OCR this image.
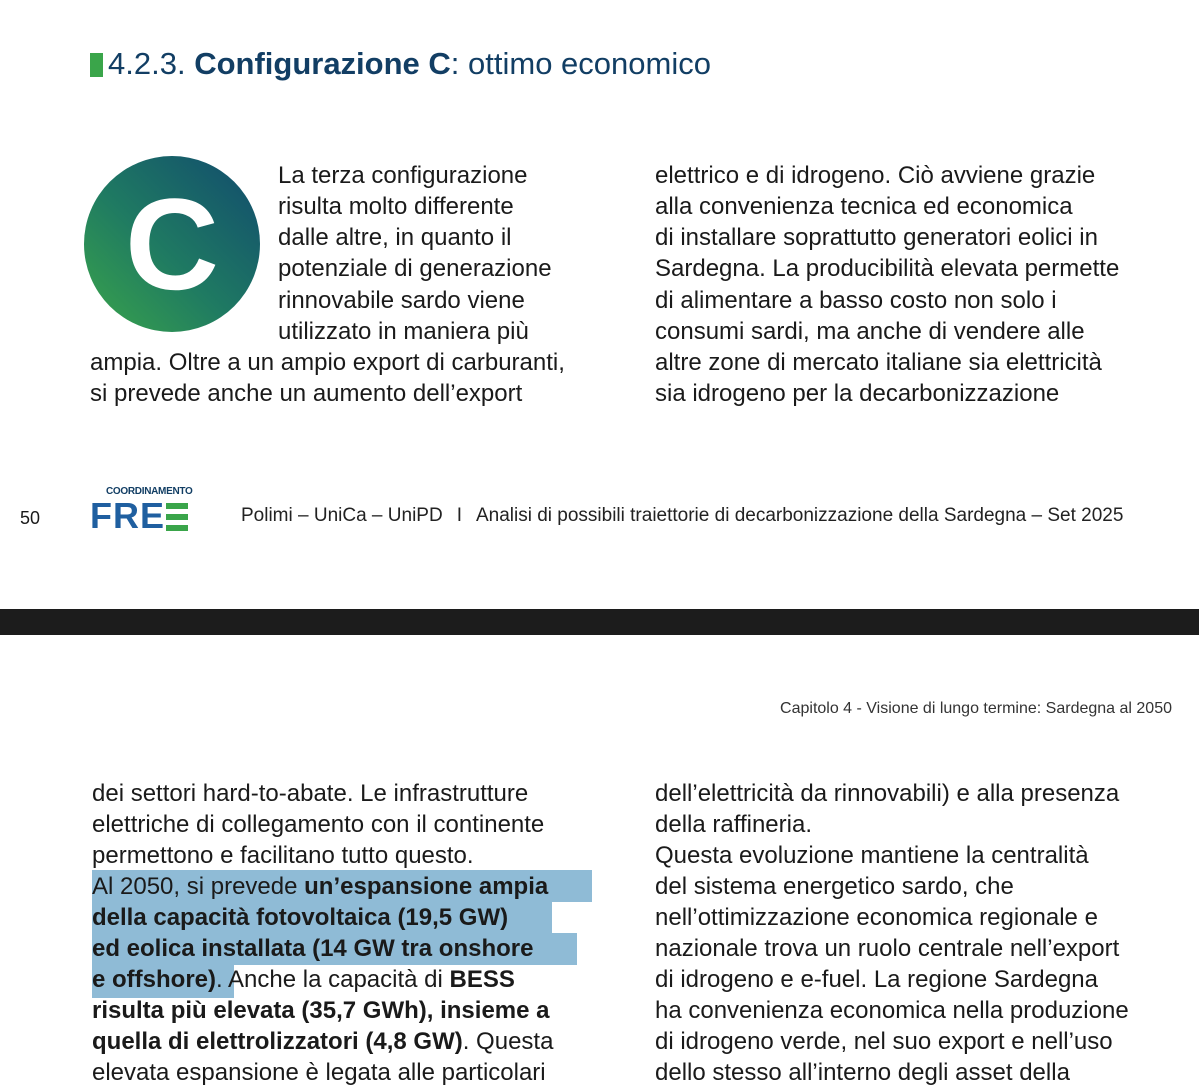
4.2.3. Configurazione C: ottimo economico
C	La terza configurazione
risulta molto differente
dalle altre, in quanto il
potenziale di generazione
rinnovabile sardo viene
utilizzato in maniera più
ampia. Oltre a un ampio export di carburanti,
si prevede anche un aumento dell’export
elettrico e di idrogeno. Ciò avviene grazie
alla convenienza tecnica ed economica
di installare soprattutto generatori eolici in
Sardegna. La producibilità elevata permette
di alimentare a basso costo non solo i
consumi sardi, ma anche di vendere alle
altre zone di mercato italiane sia elettricità
sia idrogeno per la decarbonizzazione
50
COORDINAMENTO
FRE	Polimi – UniCa – UniPD I Analisi di possibili traiettorie di decarbonizzazione della Sardegna – Set 2025
Capitolo 4 - Visione di lungo termine: Sardegna al 2050
dei settori hard-to-abate. Le infrastrutture
elettriche di collegamento con il continente
permettono e facilitano tutto questo.
Al 2050, si prevede un’espansione ampia
della capacità fotovoltaica (19,5 GW)
ed eolica installata (14 GW tra onshore
e offshore). Anche la capacità di BESS
risulta più elevata (35,7 GWh), insieme a
quella di elettrolizzatori (4,8 GW). Questa
elevata espansione è legata alle particolari
dell’elettricità da rinnovabili) e alla presenza
della raffineria.
Questa evoluzione mantiene la centralità
del sistema energetico sardo, che
nell’ottimizzazione economica regionale e
nazionale trova un ruolo centrale nell’export
di idrogeno e e-fuel. La regione Sardegna
ha convenienza economica nella produzione
di idrogeno verde, nel suo export e nell’uso
dello stesso all’interno degli asset della
